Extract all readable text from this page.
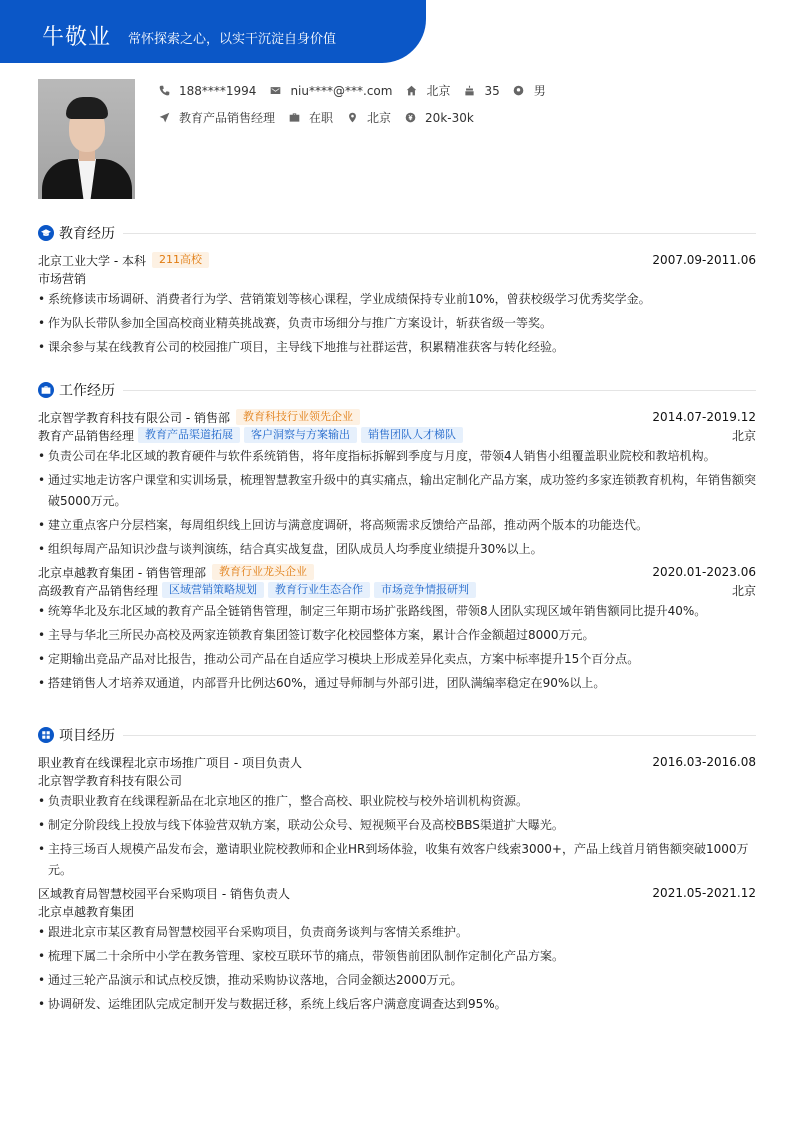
牛敬业 常怀探索之心，以实干沉淀自身价值
188****1994	niu****@***.com	北京	35	男
教育产品销售经理	在职	北京	20k-30k
教育经历
北京工业大学 - 本科	211高校	2007.09-2011.06
市场营销
• 系统修读市场调研、消费者行为学、营销策划等核心课程，学业成绩保持专业前10%，曾获校级学习优秀奖学金。
• 作为队长带队参加全国高校商业精英挑战赛，负责市场细分与推广方案设计，斩获省级一等奖。
• 课余参与某在线教育公司的校园推广项目，主导线下地推与社群运营，积累精准获客与转化经验。
工作经历
北京智学教育科技有限公司 - 销售部	教育科技行业领先企业	2014.07-2019.12
教育产品销售经理	教育产品渠道拓展	客户洞察与方案输出	销售团队人才梯队	北京
• 负责公司在华北区域的教育硬件与软件系统销售，将年度指标拆解到季度与月度，带领4人销售小组覆盖职业院校和教培机构。
• 通过实地走访客户课堂和实训场景，梳理智慧教室升级中的真实痛点，输出定制化产品方案，成功签约多家连锁教育机构，年销售额突破5000万元。
• 建立重点客户分层档案，每周组织线上回访与满意度调研，将高频需求反馈给产品部，推动两个版本的功能迭代。
• 组织每周产品知识沙盘与谈判演练，结合真实战复盘，团队成员人均季度业绩提升30%以上。
北京卓越教育集团 - 销售管理部	教育行业龙头企业	2020.01-2023.06
高级教育产品销售经理	区域营销策略规划	教育行业生态合作	市场竞争情报研判	北京
• 统筹华北及东北区域的教育产品全链销售管理，制定三年期市场扩张路线图，带领8人团队实现区域年销售额同比提升40%。
• 主导与华北三所民办高校及两家连锁教育集团签订数字化校园整体方案，累计合作金额超过8000万元。
• 定期输出竞品产品对比报告，推动公司产品在自适应学习模块上形成差异化卖点，方案中标率提升15个百分点。
• 搭建销售人才培养双通道，内部晋升比例达60%，通过导师制与外部引进，团队满编率稳定在90%以上。
项目经历
职业教育在线课程北京市场推广项目 - 项目负责人	2016.03-2016.08
北京智学教育科技有限公司
• 负责职业教育在线课程新品在北京地区的推广，整合高校、职业院校与校外培训机构资源。
• 制定分阶段线上投放与线下体验营双轨方案，联动公众号、短视频平台及高校BBS渠道扩大曝光。
• 主持三场百人规模产品发布会，邀请职业院校教师和企业HR到场体验，收集有效客户线索3000+，产品上线首月销售额突破1000万元。
区域教育局智慧校园平台采购项目 - 销售负责人	2021.05-2021.12
北京卓越教育集团
• 跟进北京市某区教育局智慧校园平台采购项目，负责商务谈判与客情关系维护。
• 梳理下属二十余所中小学在教务管理、家校互联环节的痛点，带领售前团队制作定制化产品方案。
• 通过三轮产品演示和试点校反馈，推动采购协议落地，合同金额达2000万元。
• 协调研发、运维团队完成定制开发与数据迁移，系统上线后客户满意度调查达到95%。
